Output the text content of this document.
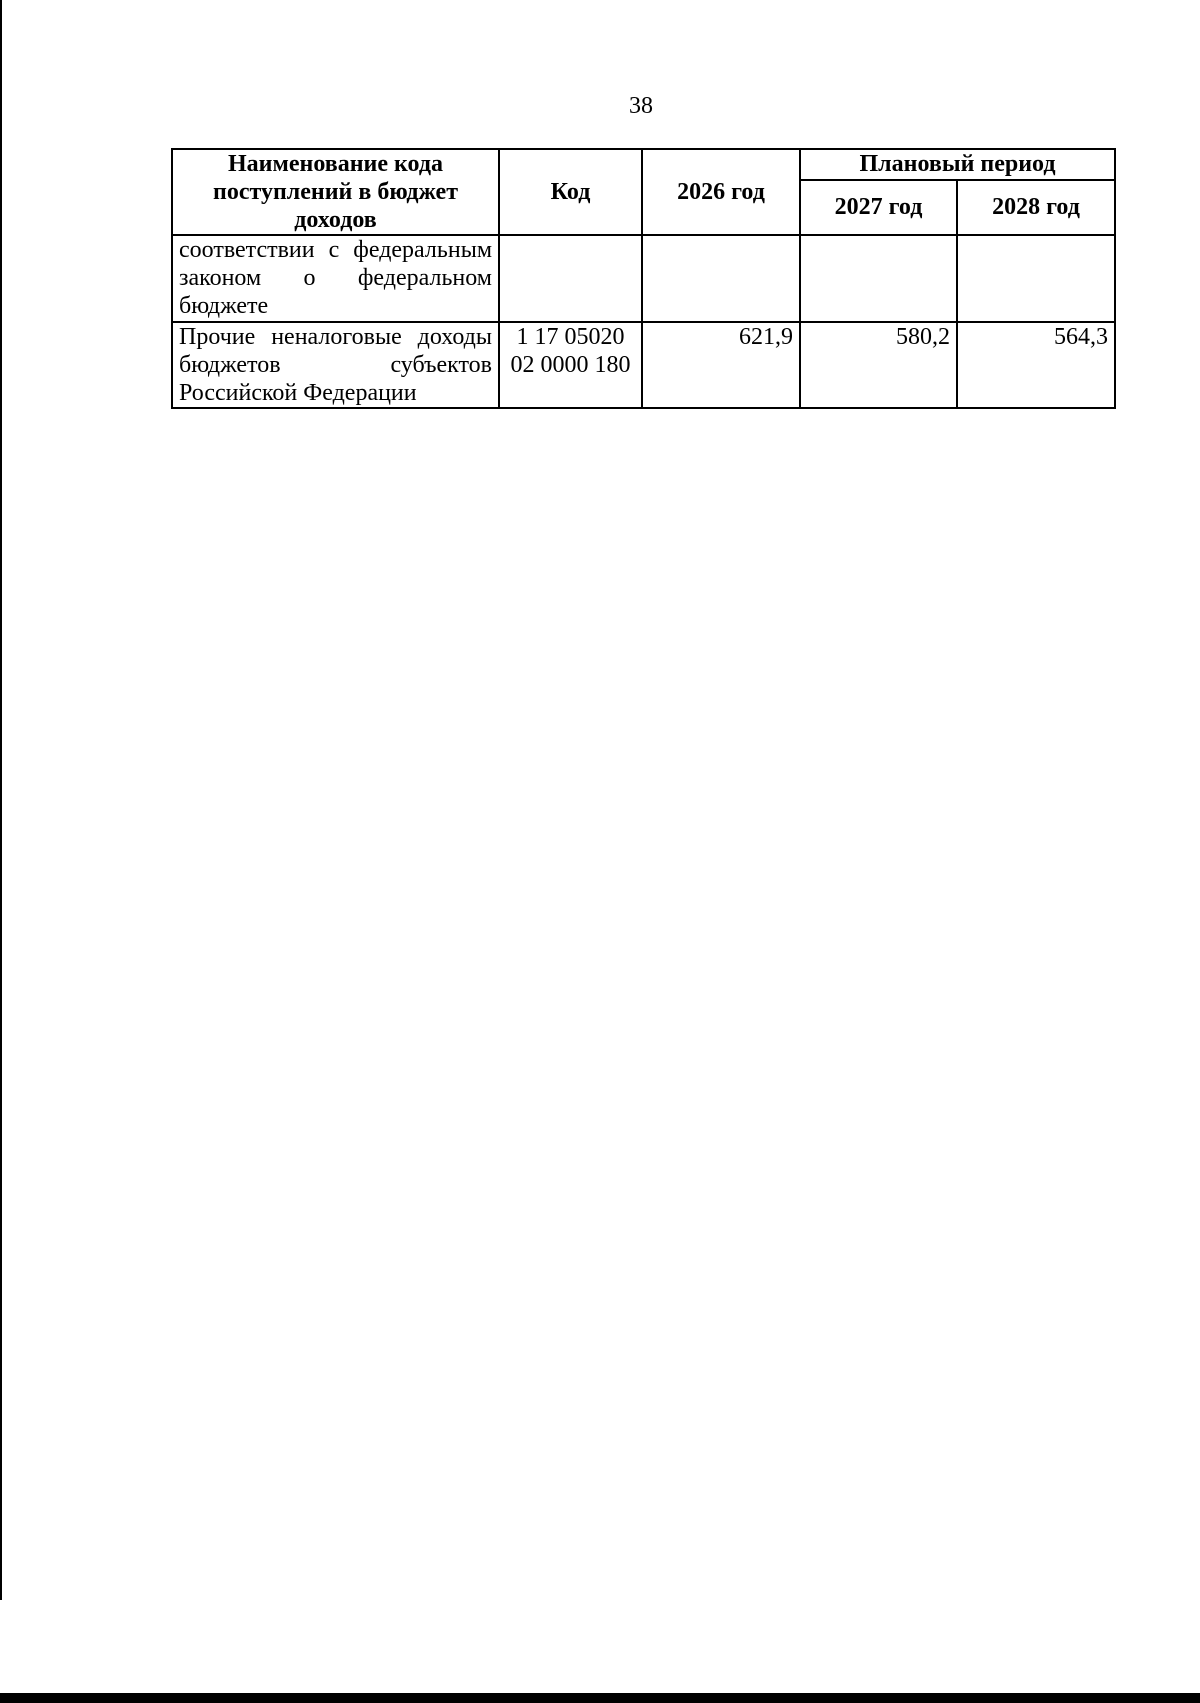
38
Наименование кода поступлений в бюджет доходов	Код	2026 год	Плановый период	
			2027 год	2028 год
соответствии с федеральным законом о федеральном бюджете				
Прочие неналоговые доходы бюджетов субъектов Российской Федерации	1 17 05020 02 0000 180	621,9	580,2	564,3
